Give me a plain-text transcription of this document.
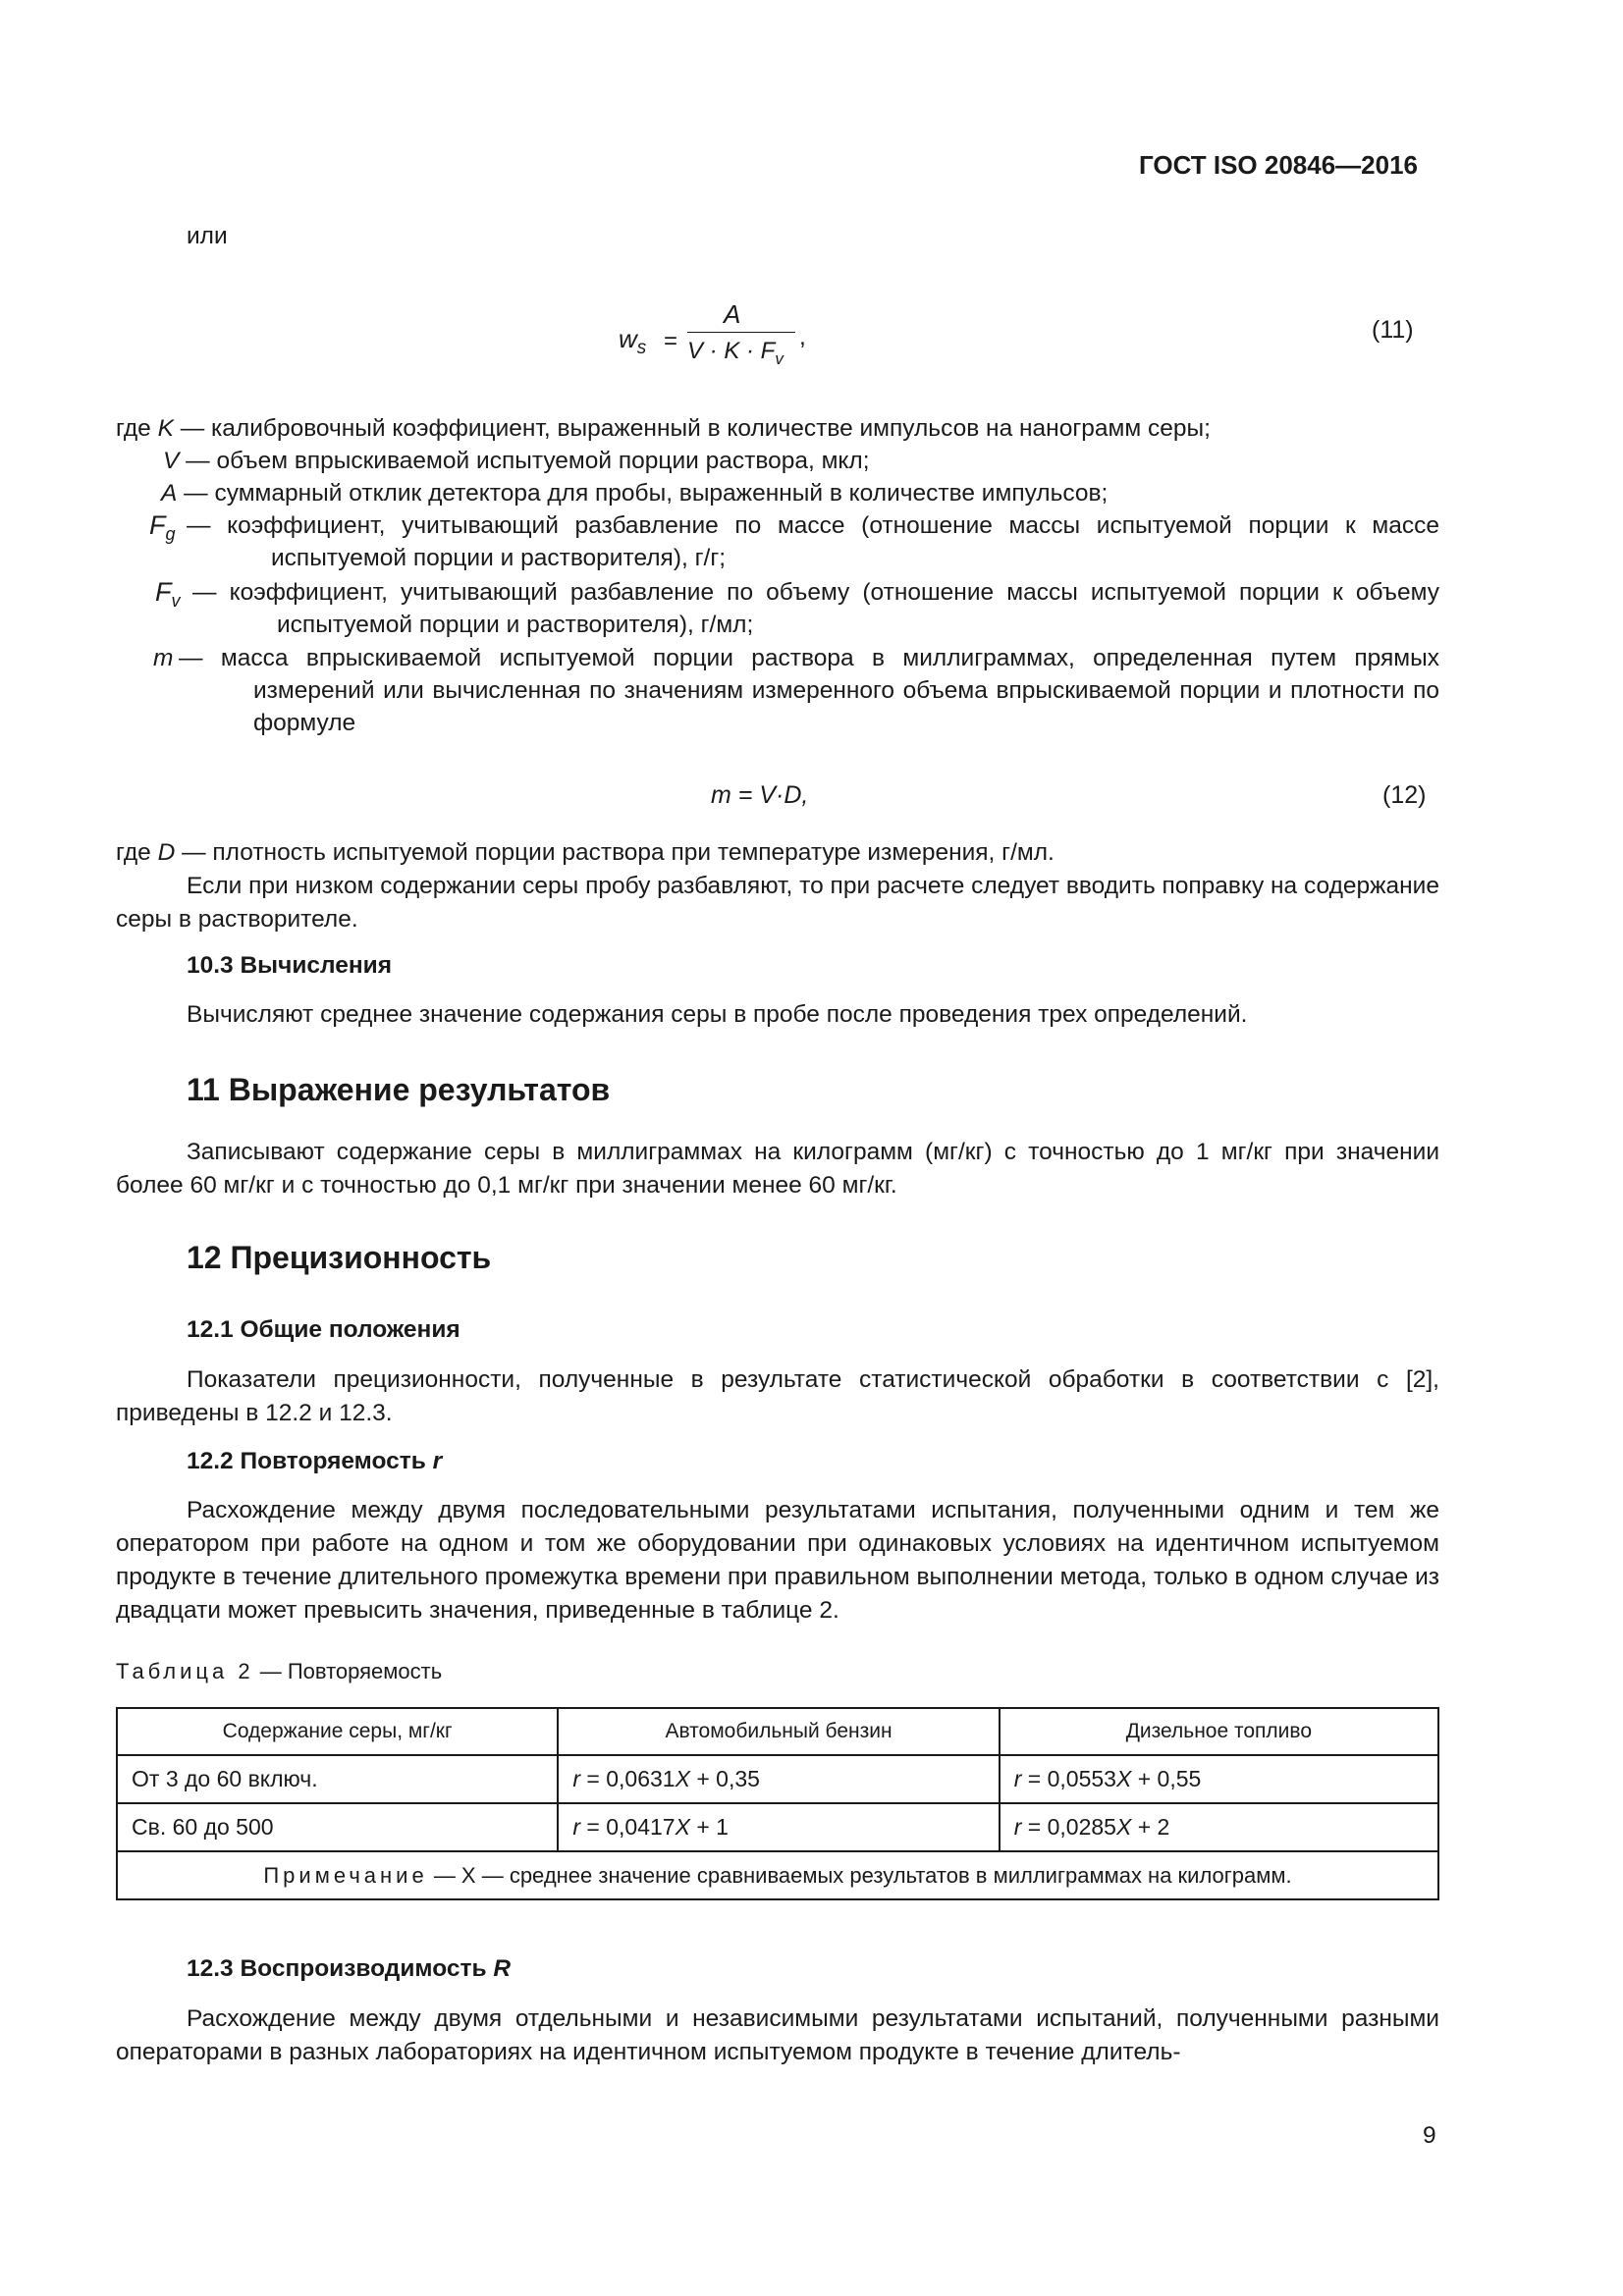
ГОСТ ISO 20846—2016
или
$w_s$ =
A
$V \cdot K \cdot F_v$
,	(11)
где K — калибровочный коэффициент, выраженный в количестве импульсов на нанограмм серы;
V — объем впрыскиваемой испытуемой порции раствора, мкл;
A — суммарный отклик детектора для пробы, выраженный в количестве импульсов;
$F_g$ — коэффициент, учитывающий разбавление по массе (отношение массы испытуемой порции к массе испытуемой порции и растворителя), г/г;
$F_v$ — коэффициент, учитывающий разбавление по объему (отношение массы испытуемой порции к объему испытуемой порции и растворителя), г/мл;
m — масса впрыскиваемой испытуемой порции раствора в миллиграммах, определенная путем прямых измерений или вычисленная по значениям измеренного объема впрыскиваемой порции и плотности по формуле
m = V·D,	(12)
где D — плотность испытуемой порции раствора при температуре измерения, г/мл.
Если при низком содержании серы пробу разбавляют, то при расчете следует вводить поправку на содержание серы в растворителе.
10.3 Вычисления
Вычисляют среднее значение содержания серы в пробе после проведения трех определений.
11 Выражение результатов
Записывают содержание серы в миллиграммах на килограмм (мг/кг) с точностью до 1 мг/кг при значении более 60 мг/кг и с точностью до 0,1 мг/кг при значении менее 60 мг/кг.
12 Прецизионность
12.1 Общие положения
Показатели прецизионности, полученные в результате статистической обработки в соответствии с [2], приведены в 12.2 и 12.3.
12.2 Повторяемость r
Расхождение между двумя последовательными результатами испытания, полученными одним и тем же оператором при работе на одном и том же оборудовании при одинаковых условиях на идентичном испытуемом продукте в течение длительного промежутка времени при правильном выполнении метода, только в одном случае из двадцати может превысить значения, приведенные в таблице 2.
Таблица 2 — Повторяемость
Содержание серы, мг/кг	Автомобильный бензин	Дизельное топливо
От 3 до 60 включ.	r = 0,0631X + 0,35	r = 0,0553X + 0,55
Св. 60 до 500	r = 0,0417X + 1	r = 0,0285X + 2
Примечание — X — среднее значение сравниваемых результатов в миллиграммах на килограмм.		
12.3 Воспроизводимость R
Расхождение между двумя отдельными и независимыми результатами испытаний, полученными разными операторами в разных лабораториях на идентичном испытуемом продукте в течение длитель-
9
